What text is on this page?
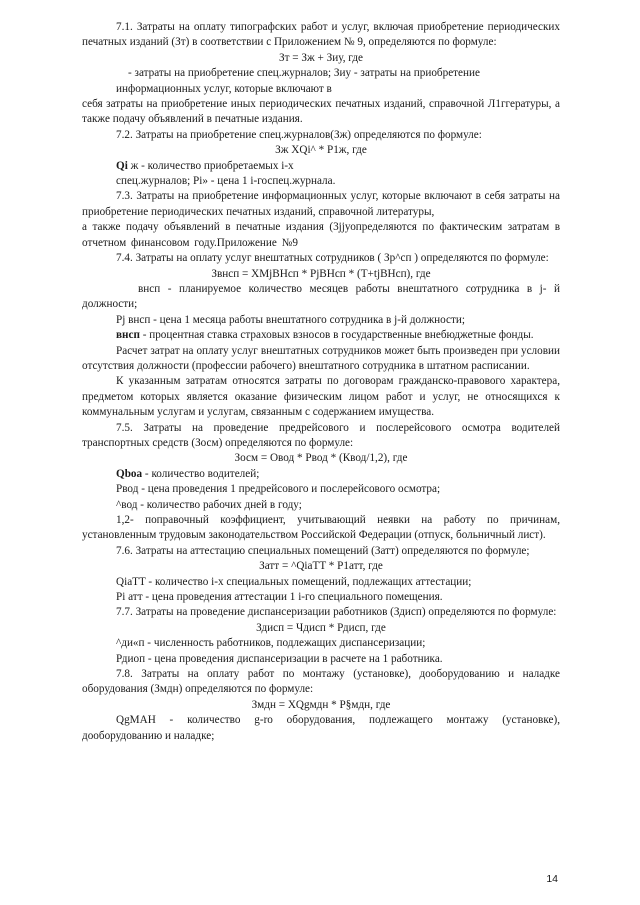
7.1. Затраты на оплату типографских работ и услуг, включая приобретение периодических печатных изданий (Зт) в соответствии с Приложением № 9, определяются по формуле:

Зт = Зж + Зиу, где

- затраты на приобретение спец.журналов; Зиу - затраты на приобретение

информационных услуг, которые включают в

себя затраты на приобретение иных периодических печатных изданий, справочной Л1ггературы, а также подачу объявлений в печатные издания.

7.2. Затраты на приобретение спец.журналов(Зж) определяются по формуле:

Зж XQi^ * Р1ж, где

Qi ж - количество приобретаемых i-х

спец.журналов; Pi» - цена 1 i-госпец.журнала.

7.3. Затраты на приобретение информационных услуг, которые включают в себя затраты на приобретение периодических печатных изданий, справочной литературы,

а также подачу объявлений в печатные издания (3jjуопределяются по фактическим затратам в отчетном финансовом году.Приложение №9

7.4. Затраты на оплату услуг внештатных сотрудников ( Зр^сп ) определяются по формуле:

Звнсп = XMjВНсп * PjВНсп * (Т+tjВНсп), где

внсп - планируемое количество месяцев работы внештатного сотрудника в j- й должности;

Pj внсп - цена 1 месяца работы внештатного сотрудника в j-й должности;

внсп - процентная ставка страховых взносов в государственные внебюджетные фонды.

Расчет затрат на оплату услуг внештатных сотрудников может быть произведен при условии отсутствия должности (профессии рабочего) внештатного сотрудника в штатном расписании.

К указанным затратам относятся затраты по договорам гражданско-правового характера, предметом которых является оказание физическим лицом работ и услуг, не относящихся к коммунальным услугам и услугам, связанным с содержанием имущества.

7.5. Затраты на проведение предрейсового и послерейсового осмотра водителей транспортных средств (Зосм) определяются по формуле:

Зосм = Овод * Рвод * (Квод/1,2), где

Qboa - количество водителей;

Рвод - цена проведения 1 предрейсового и послерейсового осмотра;

^вод - количество рабочих дней в году;

1,2- поправочный коэффициент, учитывающий неявки на работу по причинам, установленным трудовым законодательством Российской Федерации (отпуск, больничный лист).

7.6. Затраты на аттестацию специальных помещений (Затт) определяются по формуле;

Затт = ^QiaTT * Р1атт, где

QiaTT - количество i-х специальных помещений, подлежащих аттестации;

Pi атт - цена проведения аттестации 1 i-го специального помещения.

7.7. Затраты на проведение диспансеризации работников (Здисп) определяются по формуле:

Здисп = Чдисп * Рдисп, где

^ди«п - численность работников, подлежащих диспансеризации;

Рдиоп - цена проведения диспансеризации в расчете на 1 работника.

7.8. Затраты на оплату работ по монтажу (установке), дооборудованию и наладке оборудования (Змдн) определяются по формуле:

Змдн = XQgмдн * Р§мдн, где

QgMAH - количество g-ro оборудования, подлежащего монтажу (установке), дооборудованию и наладке;

14
